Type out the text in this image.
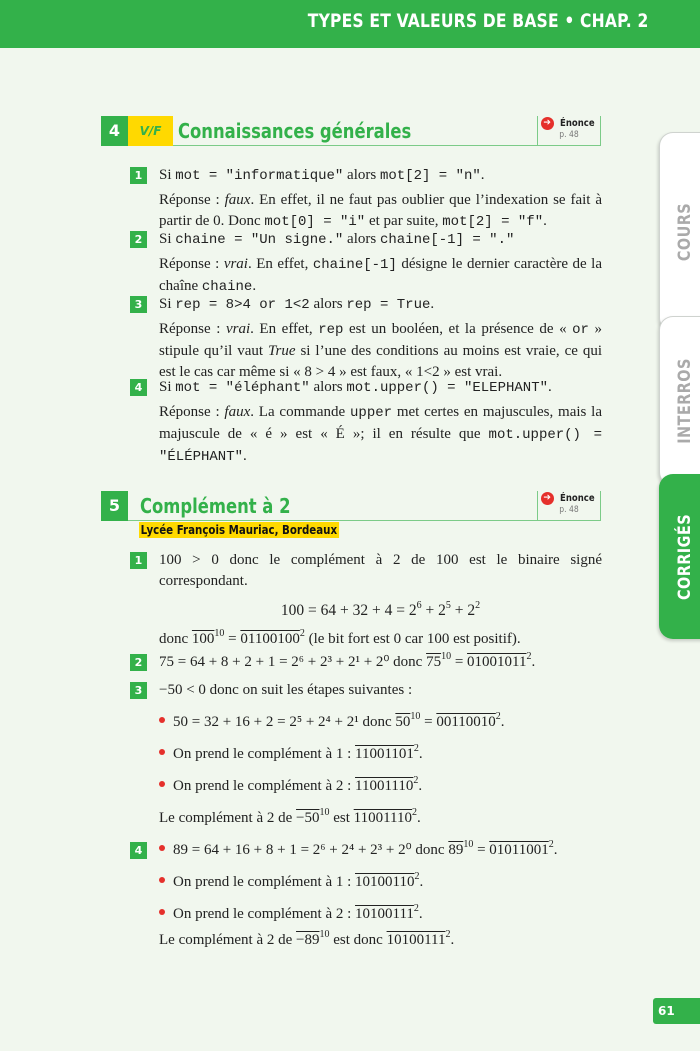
TYPES ET VALEURS DE BASE • CHAP. 2
COURS
INTERROS
CORRIGÉS
4	V/F Connaissances générales	➔ Énonce
p. 48
1	Si mot = "informatique" alors mot[2] = "n".
Réponse : faux. En effet, il ne faut pas oublier que l’indexation se fait à partir de 0. Donc mot[0] = "i" et par suite, mot[2] = "f".
2	Si chaine = "Un signe." alors chaine[-1] = "."
Réponse : vrai. En effet, chaine[-1] désigne le dernier caractère de la chaîne chaine.
3	Si rep = 8>4 or 1<2 alors rep = True.
Réponse : vrai. En effet, rep est un booléen, et la présence de « or » stipule qu’il vaut True si l’une des conditions au moins est vraie, ce qui est le cas car même si « 8 > 4 » est faux, « 1<2 » est vrai.
4	Si mot = "éléphant" alors mot.upper() = "ELEPHANT".
Réponse : faux. La commande upper met certes en majuscules, mais la majuscule de « é » est « É »; il en résulte que mot.upper() = "ÉLÉPHANT".
5 Complément à 2	➔ Énonce
p. 48
Lycée François Mauriac, Bordeaux
1	100 > 0 donc le complément à 2 de 100 est le binaire signé correspondant.
$100 = 64 + 32 + 4 = 2^6 + 2^5 + 2^2$
donc $100^{10} = 01100100^2$ (le bit fort est 0 car 100 est positif).
2	75 = 64 + 8 + 2 + 1 = 2⁶ + 2³ + 2¹ + 2⁰ donc $75^{10} = 01001011^2$.
3	−50 < 0 donc on suit les étapes suivantes :
50 = 32 + 16 + 2 = 2⁵ + 2⁴ + 2¹ donc $50^{10} = 00110010^2$.
On prend le complément à 1 : 11001101$^2$.
On prend le complément à 2 : 11001110$^2$.
Le complément à 2 de $-50^{10}$ est 11001110$^2$.
4	89 = 64 + 16 + 8 + 1 = 2⁶ + 2⁴ + 2³ + 2⁰ donc $89^{10} = 01011001^2$.
On prend le complément à 1 : 10100110$^2$.
On prend le complément à 2 : 10100111$^2$.
Le complément à 2 de $-89^{10}$ est donc 10100111$^2$.
61
